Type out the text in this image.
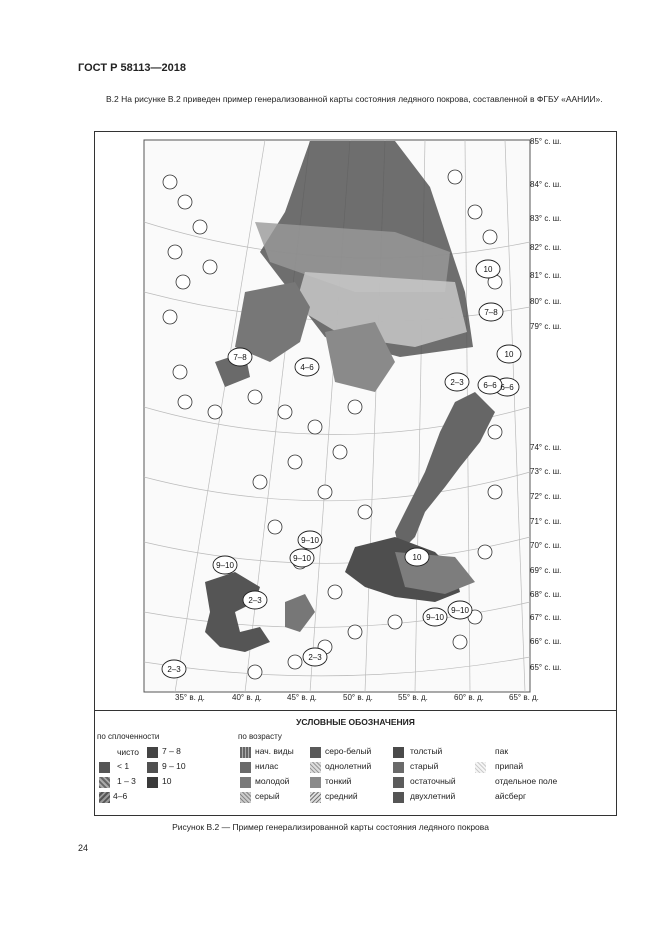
ГОСТ Р 58113—2018
В.2 На рисунке В.2 приведен пример генерализованной карты состояния ледяного покрова, составленной в ФГБУ «ААНИИ».
10
10
7–8
2–3
6–6
4–6
7–8
10
9–10
9–10
2–3
2–3
2–3
9–10
9–10
9–10
6–6
85° с. ш.
84° с. ш.
83° с. ш.
82° с. ш.
81° с. ш.
80° с. ш.
79° с. ш.
74° с. ш.
73° с. ш.
72° с. ш.
71° с. ш.
70° с. ш.
69° с. ш.
68° с. ш.
67° с. ш.
66° с. ш.
65° с. ш.
35° в. д.	40° в. д.	45° в. д.	50° в. д.	55° в. д.	60° в. д.	65° в. д.
УСЛОВНЫЕ ОБОЗНАЧЕНИЯ
по сплоченности	по возрасту
чисто
< 1
1 – 3
4–6
7 – 8
9 – 10
10
нач. виды
нилас
молодой
серый
серо-белый
однолетний
тонкий
средний
толстый
старый
остаточный
двухлетний
пак
припай
отдельное поле
айсберг
Рисунок В.2 — Пример генерализированной карты состояния ледяного покрова
24
